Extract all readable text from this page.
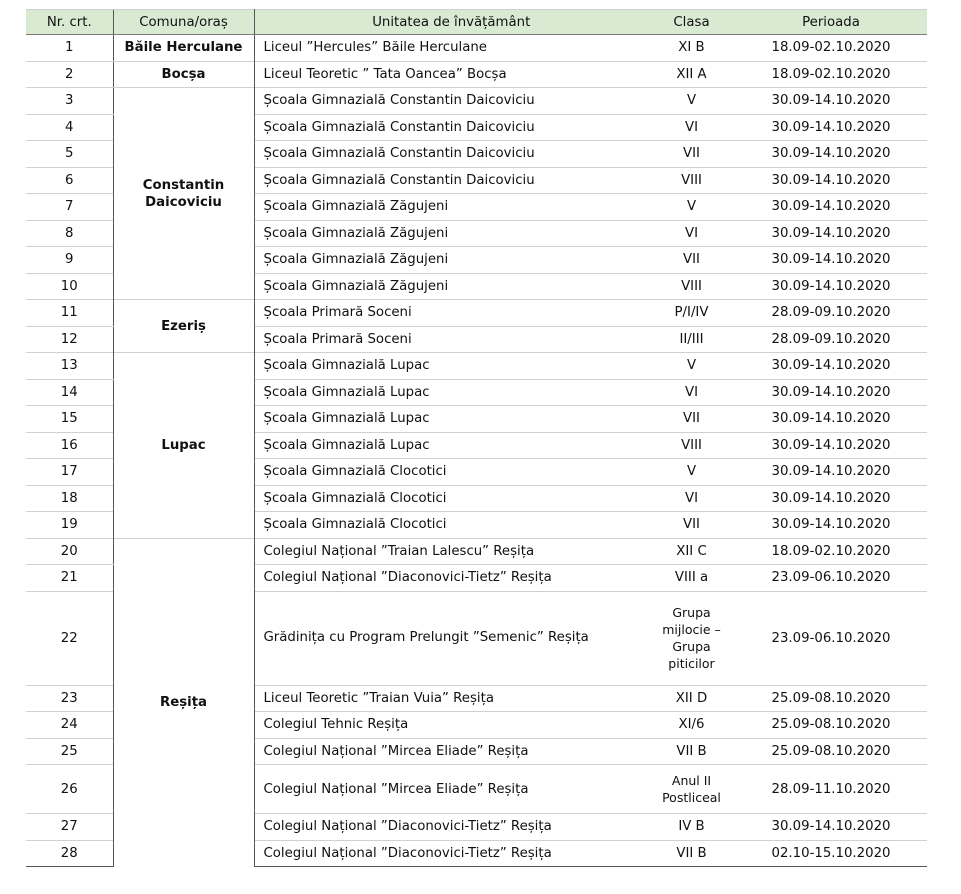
Nr. crt.	Comuna/oraș	Unitatea de învățământ	Clasa	Perioada
1	Băile Herculane	Liceul ”Hercules” Băile Herculane	XI B	18.09-02.10.2020
2	Bocșa	Liceul Teoretic ” Tata Oancea” Bocșa	XII A	18.09-02.10.2020
3	Constantin Daicoviciu	Școala Gimnazială Constantin Daicoviciu	V	30.09-14.10.2020
4		Școala Gimnazială Constantin Daicoviciu	VI	30.09-14.10.2020
5		Școala Gimnazială Constantin Daicoviciu	VII	30.09-14.10.2020
6		Școala Gimnazială Constantin Daicoviciu	VIII	30.09-14.10.2020
7		Școala Gimnazială Zăgujeni	V	30.09-14.10.2020
8		Școala Gimnazială Zăgujeni	VI	30.09-14.10.2020
9		Școala Gimnazială Zăgujeni	VII	30.09-14.10.2020
10		Școala Gimnazială Zăgujeni	VIII	30.09-14.10.2020
11	Ezeriș	Școala Primară Soceni	P/I/IV	28.09-09.10.2020
12		Școala Primară Soceni	II/III	28.09-09.10.2020
13	Lupac	Școala Gimnazială Lupac	V	30.09-14.10.2020
14		Școala Gimnazială Lupac	VI	30.09-14.10.2020
15		Școala Gimnazială Lupac	VII	30.09-14.10.2020
16		Școala Gimnazială Lupac	VIII	30.09-14.10.2020
17		Școala Gimnazială Clocotici	V	30.09-14.10.2020
18		Școala Gimnazială Clocotici	VI	30.09-14.10.2020
19		Școala Gimnazială Clocotici	VII	30.09-14.10.2020
20	Reșița	Colegiul Național ”Traian Lalescu” Reșița	XII C	18.09-02.10.2020
21		Colegiul Național ”Diaconovici-Tietz” Reșița	VIII a	23.09-06.10.2020
22		Grădinița cu Program Prelungit ”Semenic” Reșița	Grupa mijlocie – Grupa piticilor	23.09-06.10.2020
23		Liceul Teoretic ”Traian Vuia” Reșița	XII D	25.09-08.10.2020
24		Colegiul Tehnic Reșița	XI/6	25.09-08.10.2020
25		Colegiul Național ”Mircea Eliade” Reșița	VII B	25.09-08.10.2020
26		Colegiul Național ”Mircea Eliade” Reșița	Anul II Postliceal	28.09-11.10.2020
27		Colegiul Național ”Diaconovici-Tietz” Reșița	IV B	30.09-14.10.2020
28		Colegiul Național ”Diaconovici-Tietz” Reșița	VII B	02.10-15.10.2020
